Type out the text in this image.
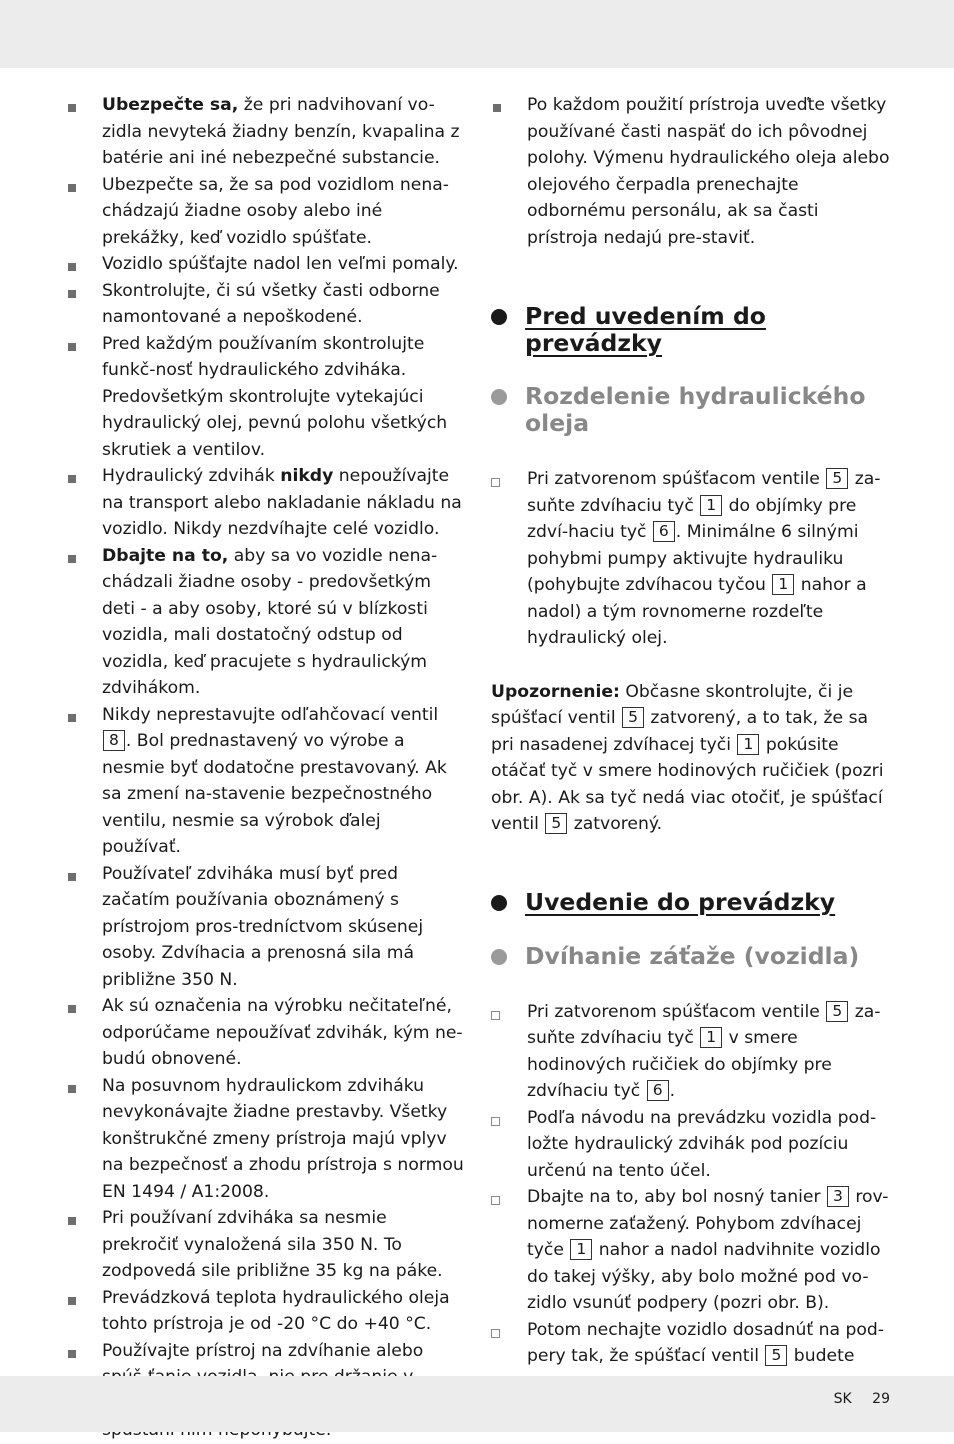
Ubezpečte sa, že pri nadvihovaní vo-zidla nevyteká žiadny benzín, kvapalina z batérie ani iné nebezpečné substancie.
Ubezpečte sa, že sa pod vozidlom nena-chádzajú žiadne osoby alebo iné prekážky, keď vozidlo spúšťate.
Vozidlo spúšťajte nadol len veľmi pomaly.
Skontrolujte, či sú všetky časti odborne namontované a nepoškodené.
Pred každým používaním skontrolujte funkč-nosť hydraulického zdviháka. Predovšetkým skontrolujte vytekajúci hydraulický olej, pevnú polohu všetkých skrutiek a ventilov.
Hydraulický zdvihák nikdy nepoužívajte na transport alebo nakladanie nákladu na vozidlo. Nikdy nezdvíhajte celé vozidlo.
Dbajte na to, aby sa vo vozidle nena-chádzali žiadne osoby - predovšetkým deti - a aby osoby, ktoré sú v blízkosti vozidla, mali dostatočný odstup od vozidla, keď pracujete s hydraulickým zdvihákom.
Nikdy neprestavujte odľahčovací ventil 8 . Bol prednastavený vo výrobe a nesmie byť dodatočne prestavovaný. Ak sa zmení na-stavenie bezpečnostného ventilu, nesmie sa výrobok ďalej používať.
Používateľ zdviháka musí byť pred začatím používania oboznámený s prístrojom pros-tredníctvom skúsenej osoby. Zdvíhacia a prenosná sila má približne 350 N.
Ak sú označenia na výrobku nečitateľné, odporúčame nepoužívať zdvihák, kým ne-budú obnovené.
Na posuvnom hydraulickom zdviháku nevykonávajte žiadne prestavby. Všetky konštrukčné zmeny prístroja majú vplyv na bezpečnosť a zhodu prístroja s normou EN 1494 / A1:2008.
Pri používaní zdviháka sa nesmie prekročiť vynaložená sila 350 N. To zodpovedá sile približne 35 kg na páke.
Prevádzková teplota hydraulického oleja tohto prístroja je od -20 °C do +40 °C.
Používajte prístroj na zdvíhanie alebo
Po každom použití prístroja uveďte všetky používané časti naspäť do ich pôvodnej polohy. Výmenu hydraulického oleja alebo olejového čerpadla prenechajte odbornému personálu, ak sa časti prístroja nedajú pre-staviť.
Pred uvedením do prevádzky
Rozdelenie hydraulického oleja
Pri zatvorenom spúšťacom ventile 5 za-suňte zdvíhaciu tyč 1 do objímky pre zdví-haciu tyč 6 . Minimálne 6 silnými pohybmi pumpy aktivujte hydrauliku (pohybujte zdvíhacou tyčou 1 nahor a nadol) a tým rovnomerne rozdeľte hydraulický olej.
Upozornenie: Občasne skontrolujte, či je spúšťací ventil 5 zatvorený, a to tak, že sa pri nasadenej zdvíhacej tyči 1 pokúsite otáčať tyč v smere hodinových ručičiek (pozri obr. A). Ak sa tyč nedá viac otočiť, je spúšťací ventil 5 zatvorený.
Uvedenie do prevádzky
Dvíhanie záťaže (vozidla)
Pri zatvorenom spúšťacom ventile 5 za-suňte zdvíhaciu tyč 1 v smere hodinových ručičiek do objímky pre zdvíhaciu tyč 6 .
Podľa návodu na prevádzku vozidla pod-ložte hydraulický zdvihák pod pozíciu určenú na tento účel.
Dbajte na to, aby bol nosný tanier 3 rov-nomerne zaťažený. Pohybom zdvíhacej tyče 1 nahor a nadol nadvihnite vozidlo do takej výšky, aby bolo možné pod vo-zidlo vsunúť podpery (pozri obr. B).
Potom nechajte vozidlo dosadnúť na pod-pery tak, že spúšťací ventil 5 budete
SK 29
